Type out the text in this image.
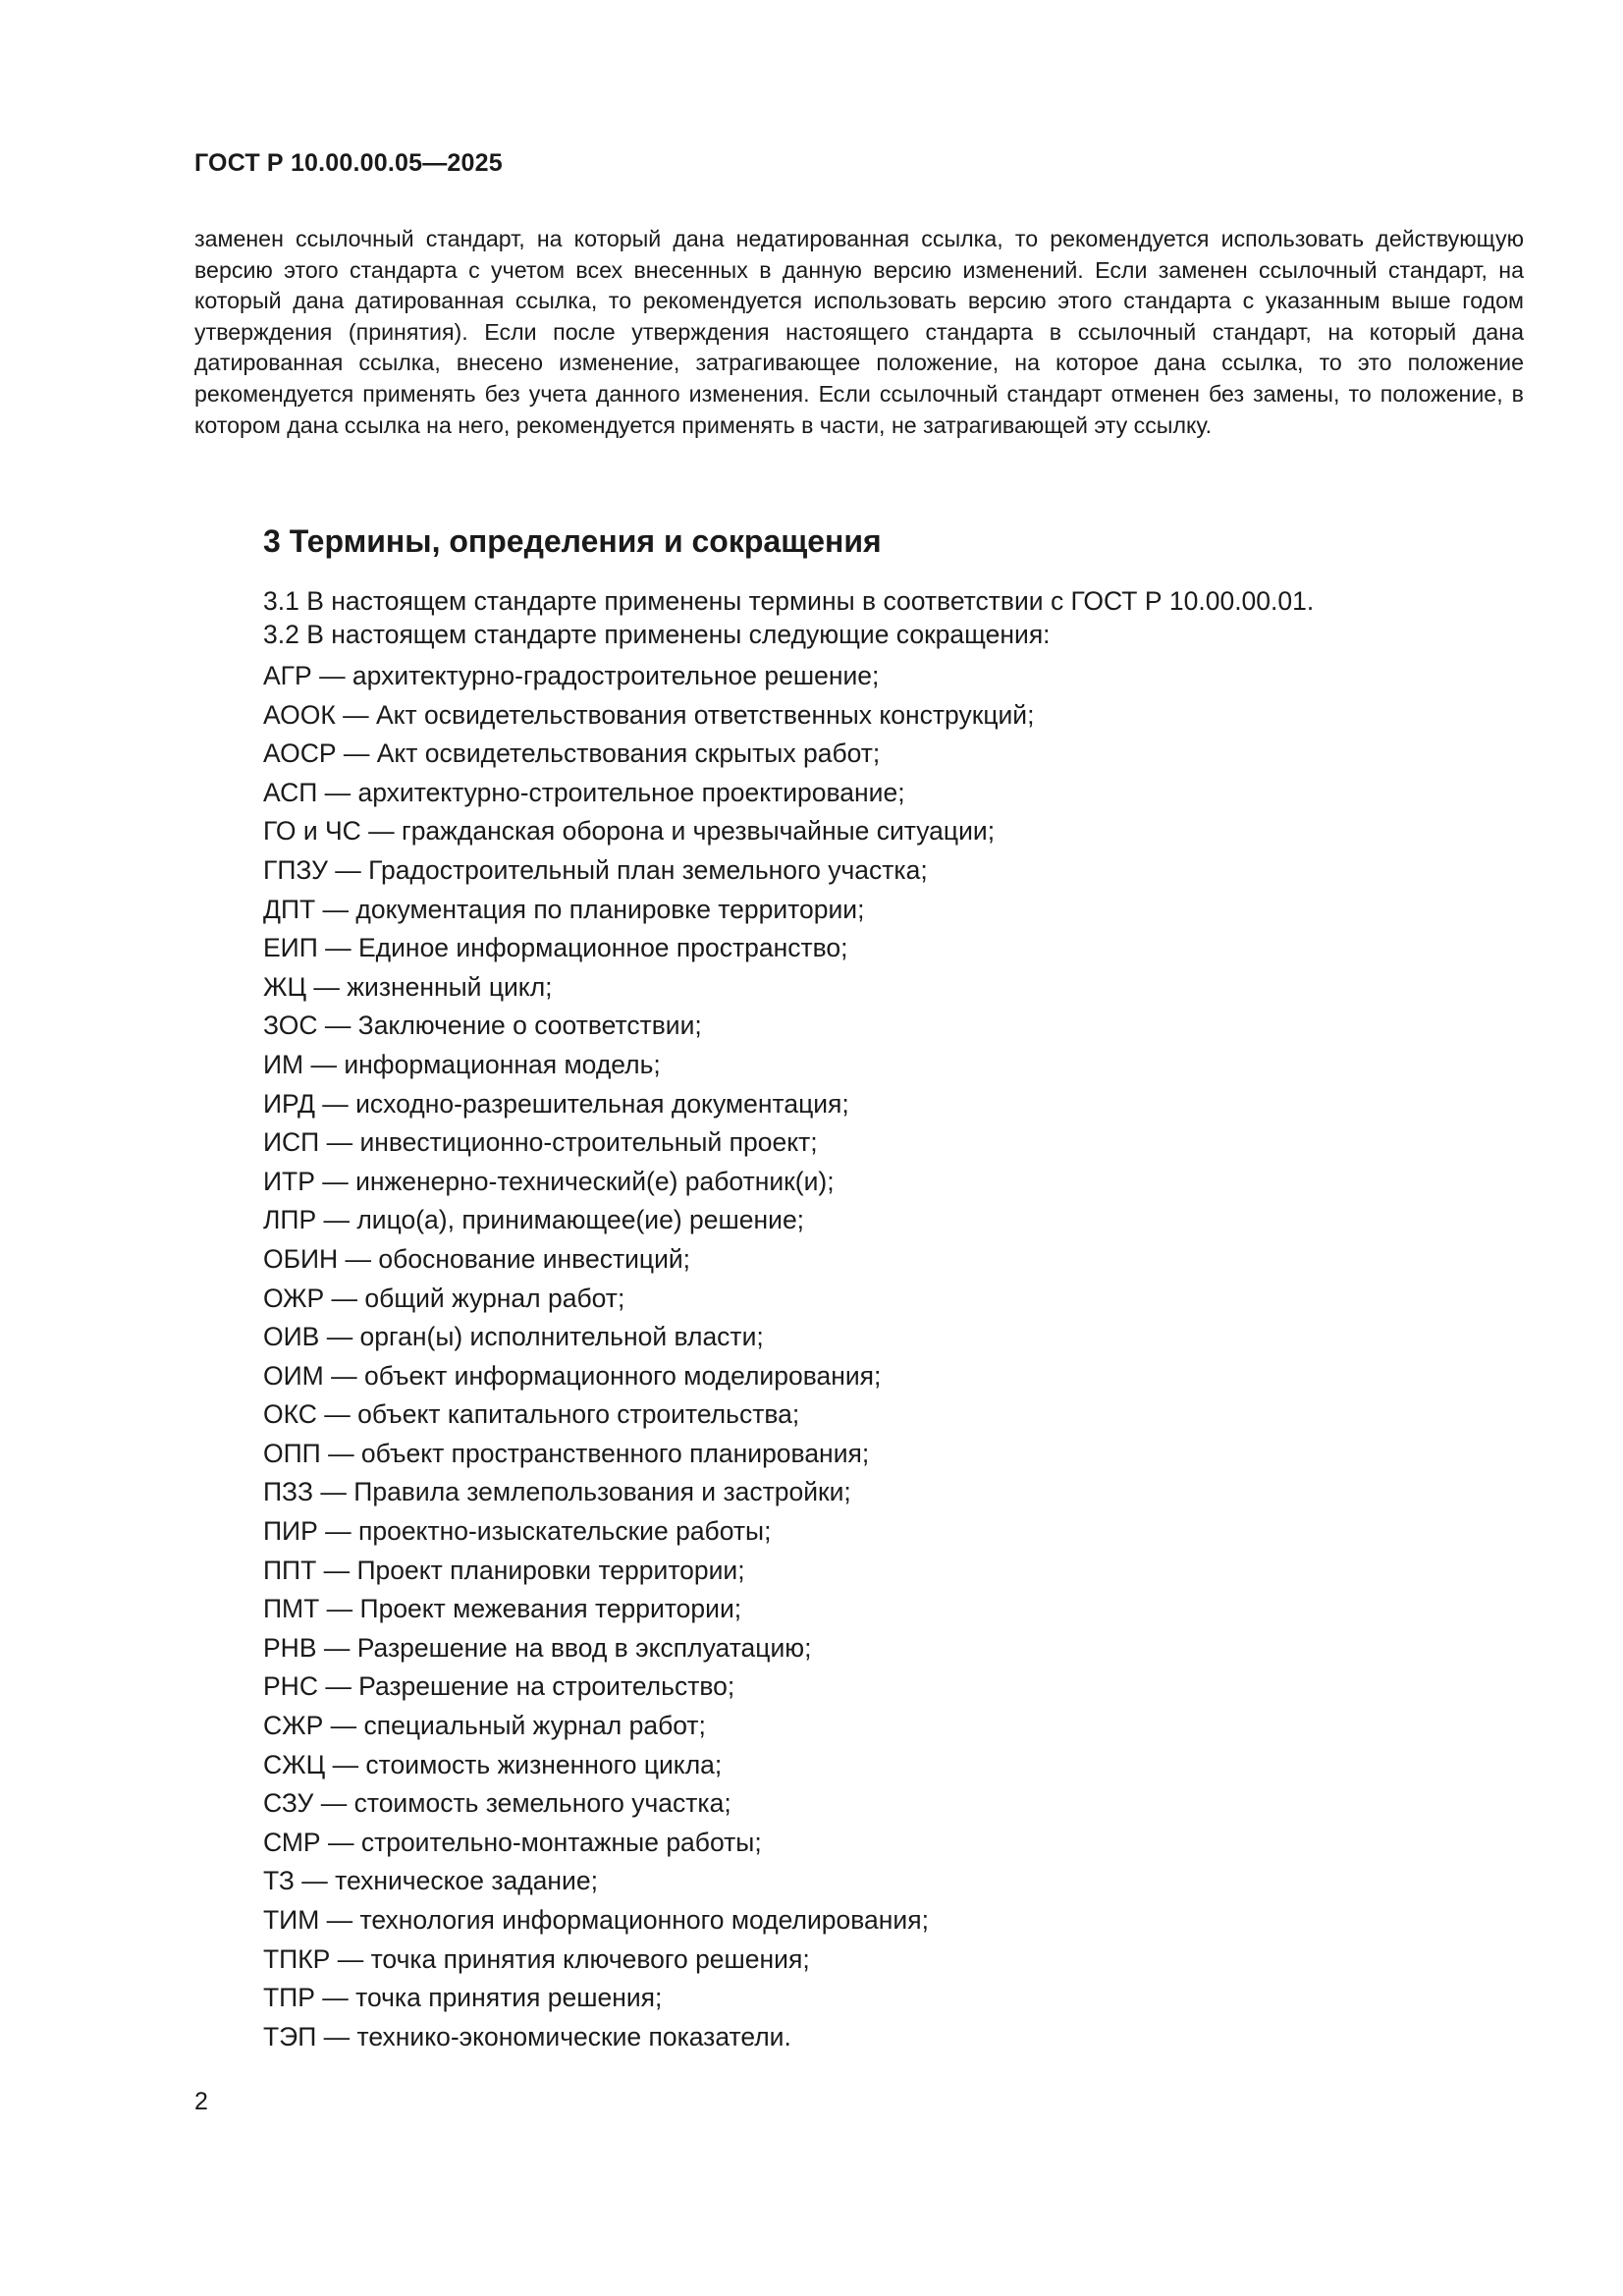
ГОСТ Р 10.00.00.05—2025
заменен ссылочный стандарт, на который дана недатированная ссылка, то рекомендуется использовать действующую версию этого стандарта с учетом всех внесенных в данную версию изменений. Если заменен ссылочный стандарт, на который дана датированная ссылка, то рекомендуется использовать версию этого стандарта с указанным выше годом утверждения (принятия). Если после утверждения настоящего стандарта в ссылочный стандарт, на который дана датированная ссылка, внесено изменение, затрагивающее положение, на которое дана ссылка, то это положение рекомендуется применять без учета данного изменения. Если ссылочный стандарт отменен без замены, то положение, в котором дана ссылка на него, рекомендуется применять в части, не затрагивающей эту ссылку.
3 Термины, определения и сокращения
3.1 В настоящем стандарте применены термины в соответствии с ГОСТ Р 10.00.00.01.
3.2 В настоящем стандарте применены следующие сокращения:
АГР — архитектурно-градостроительное решение;
АООК — Акт освидетельствования ответственных конструкций;
АОСР — Акт освидетельствования скрытых работ;
АСП — архитектурно-строительное проектирование;
ГО и ЧС — гражданская оборона и чрезвычайные ситуации;
ГПЗУ — Градостроительный план земельного участка;
ДПТ — документация по планировке территории;
ЕИП — Единое информационное пространство;
ЖЦ — жизненный цикл;
ЗОС — Заключение о соответствии;
ИМ — информационная модель;
ИРД — исходно-разрешительная документация;
ИСП — инвестиционно-строительный проект;
ИТР — инженерно-технический(е) работник(и);
ЛПР — лицо(а), принимающее(ие) решение;
ОБИН — обоснование инвестиций;
ОЖР — общий журнал работ;
ОИВ — орган(ы) исполнительной власти;
ОИМ — объект информационного моделирования;
ОКС — объект капитального строительства;
ОПП — объект пространственного планирования;
ПЗЗ — Правила землепользования и застройки;
ПИР — проектно-изыскательские работы;
ППТ — Проект планировки территории;
ПМТ — Проект межевания территории;
РНВ — Разрешение на ввод в эксплуатацию;
РНС — Разрешение на строительство;
СЖР — специальный журнал работ;
СЖЦ — стоимость жизненного цикла;
СЗУ — стоимость земельного участка;
СМР — строительно-монтажные работы;
ТЗ — техническое задание;
ТИМ — технология информационного моделирования;
ТПКР — точка принятия ключевого решения;
ТПР — точка принятия решения;
ТЭП — технико-экономические показатели.
2
